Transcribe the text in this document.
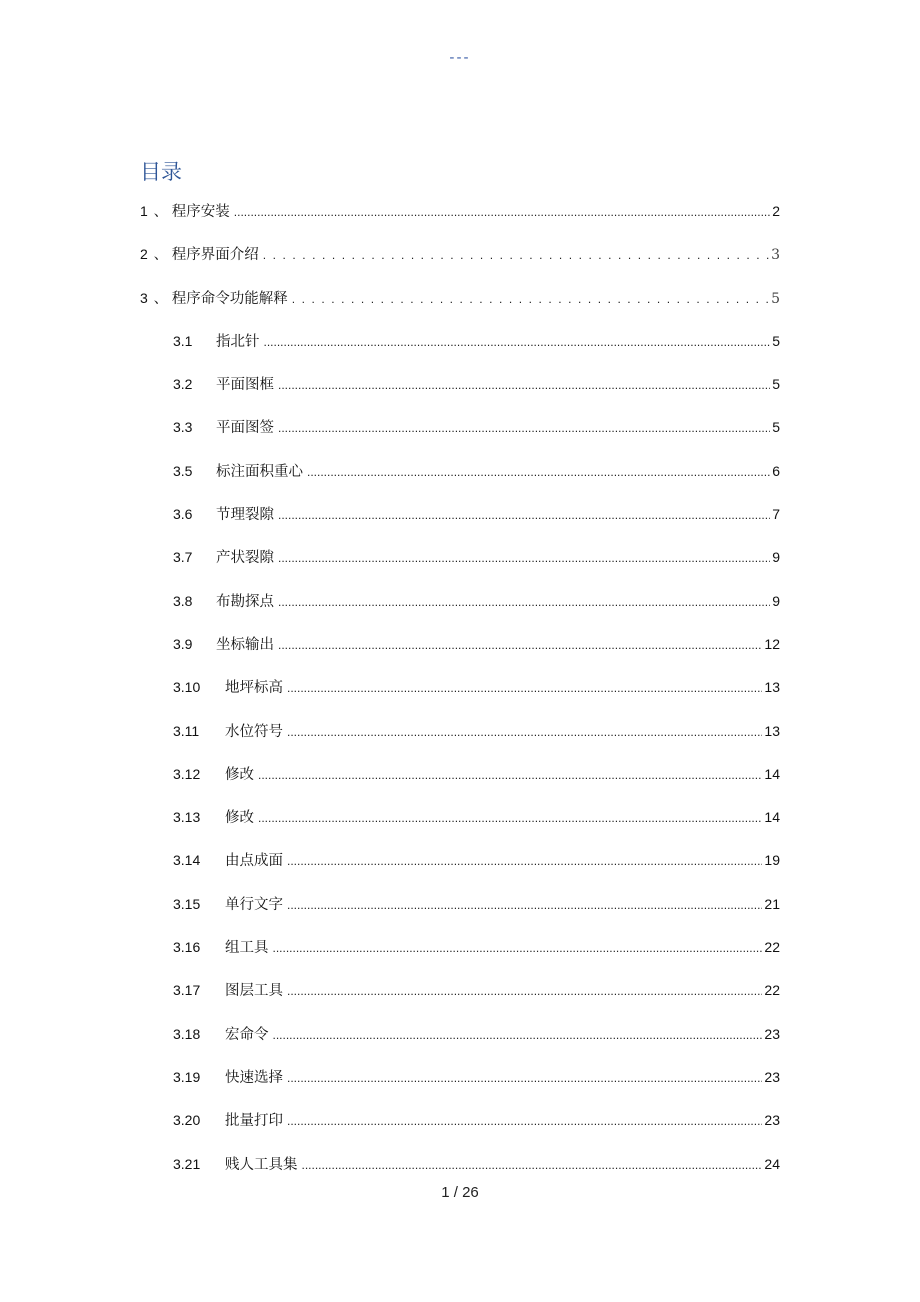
---
目录
1 、 程序安装 .....	2
2 、 程序界面介绍 . . .	3
3 、 程序命令功能解释 . . .	5
3.1	指北针 .....	5
3.2	平面图框 .....	5
3.3	平面图签 .....	5
3.5	标注面积重心 .....	6
3.6	节理裂隙 .....	7
3.7	产状裂隙 .....	9
3.8	布勘探点 .....	9
3.9	坐标输出 .....	12
3.10	地坪标高 .....	13
3.11	水位符号 .....	13
3.12	修改 .....	14
3.13	修改 .....	14
3.14	由点成面 .....	19
3.15	单行文字 .....	21
3.16	组工具 .....	22
3.17	图层工具 .....	22
3.18	宏命令 .....	23
3.19	快速选择 .....	23
3.20	批量打印 .....	23
3.21	贱人工具集 .....	24
1 / 26
